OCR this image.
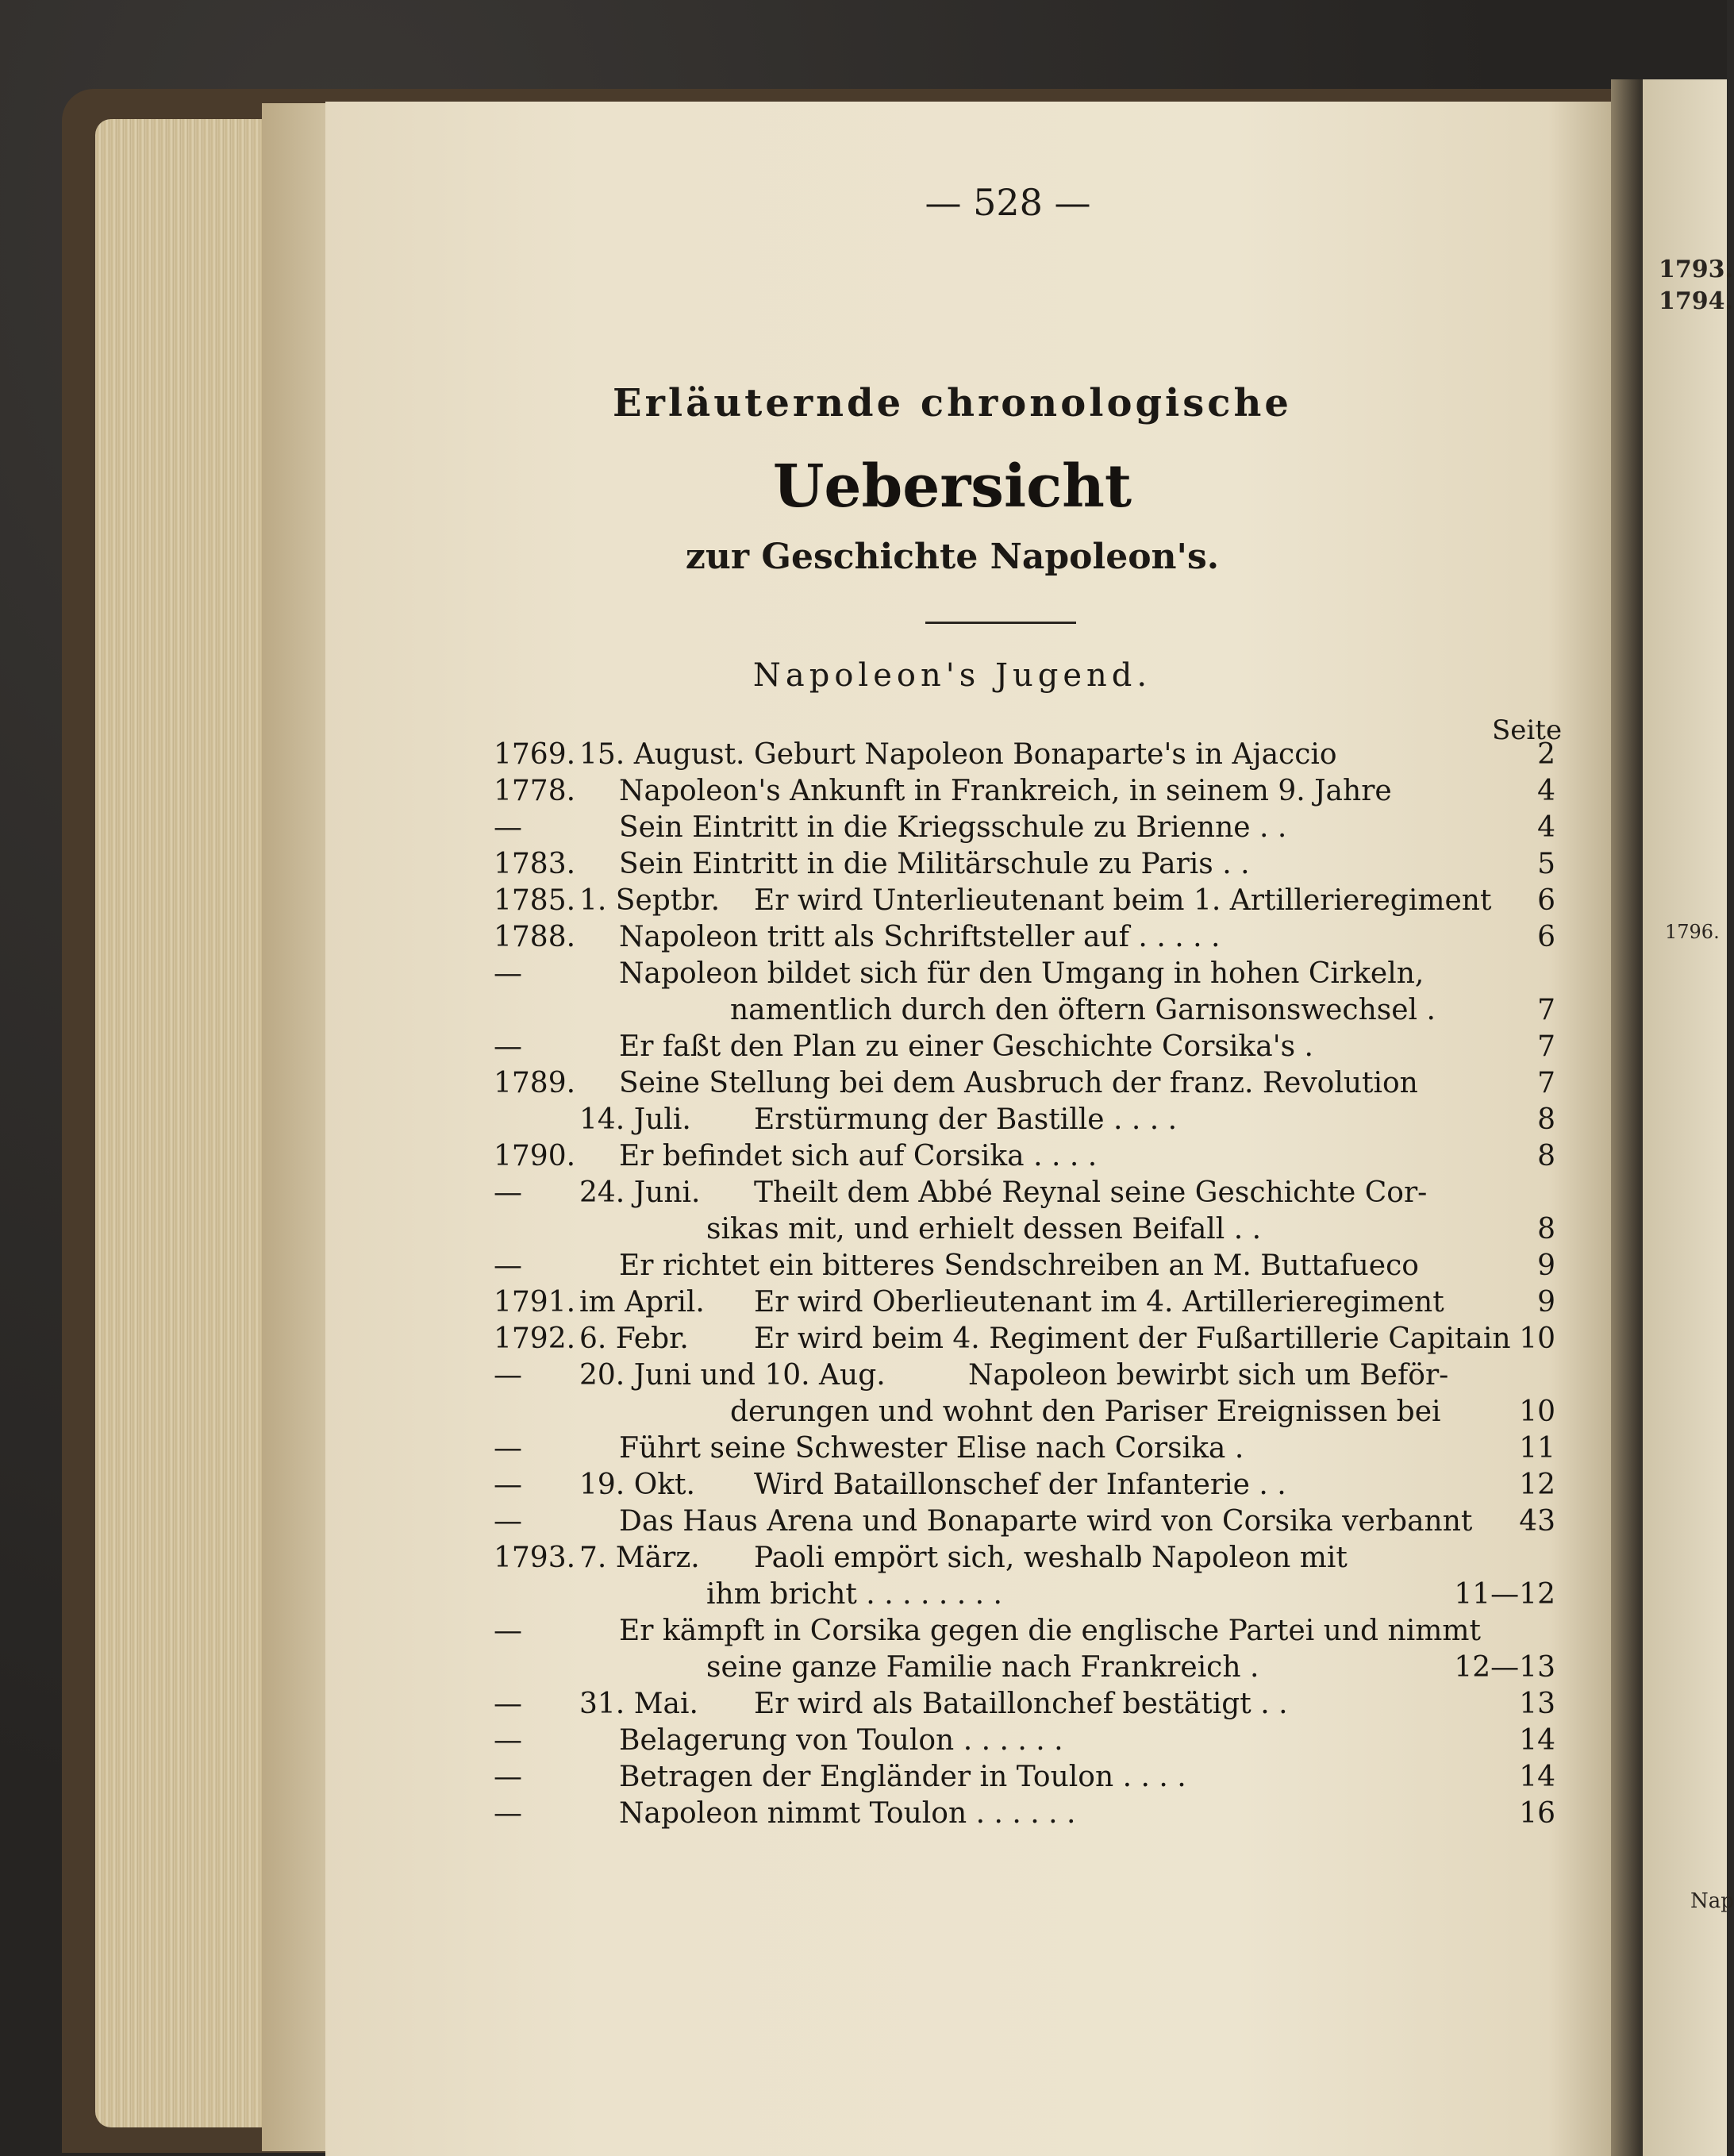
1793.
1794.
1796.
Nap
— 528 —
Erläuternde chronologische
Uebersicht
zur Geschichte Napoleon's.
Napoleon's Jugend.
Seite
1769. 15. August. Geburt Napoleon Bonaparte's in Ajaccio	2
1778. Napoleon's Ankunft in Frankreich, in seinem 9. Jahre	4
—	Sein Eintritt in die Kriegsschule zu Brienne . .	4
1783. Sein Eintritt in die Militärschule zu Paris . .	5
1785. 1. Septbr. Er wird Unterlieutenant beim 1. Artillerieregiment 6
1788. Napoleon tritt als Schriftsteller auf . . . . .	6
—	Napoleon bildet sich für den Umgang in hohen Cirkeln,
namentlich durch den öftern Garnisonswechsel .	7
—	Er faßt den Plan zu einer Geschichte Corsika's .	7
1789. Seine Stellung bei dem Ausbruch der franz. Revolution	7
14. Juli. Erstürmung der Bastille . . . .	8
1790. Er befindet sich auf Corsika . . . .	8
— 24. Juni. Theilt dem Abbé Reynal seine Geschichte Cor-
sikas mit, und erhielt dessen Beifall . .	8
—	Er richtet ein bitteres Sendschreiben an M. Buttafueco	9
1791. im April. Er wird Oberlieutenant im 4. Artillerieregiment	9
1792. 6. Febr. Er wird beim 4. Regiment der Fußartillerie Capitain 10
— 20. Juni und 10. Aug.	Napoleon bewirbt sich um Beför-
derungen und wohnt den Pariser Ereignissen bei	10
—	Führt seine Schwester Elise nach Corsika .	11
— 19. Okt. Wird Bataillonschef der Infanterie . .	12
—	Das Haus Arena und Bonaparte wird von Corsika verbannt 43
1793. 7. März. Paoli empört sich, weshalb Napoleon mit
ihm bricht . . . . . . . .	11—12
—	Er kämpft in Corsika gegen die englische Partei und nimmt
seine ganze Familie nach Frankreich .	12—13
— 31. Mai. Er wird als Bataillonchef bestätigt . .	13
—	Belagerung von Toulon . . . . . .	14
—	Betragen der Engländer in Toulon . . . .	14
—	Napoleon nimmt Toulon . . . . . .	16
